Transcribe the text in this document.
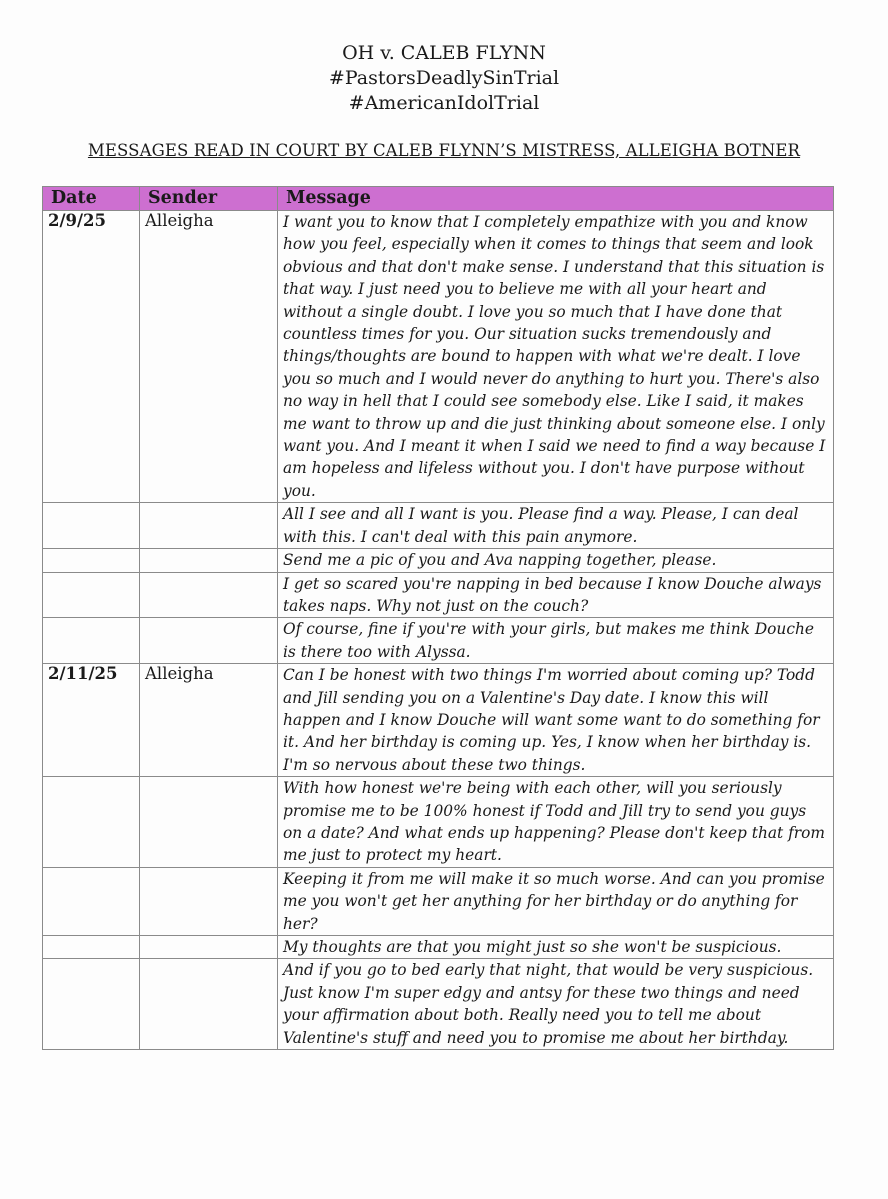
OH v. CALEB FLYNN
#PastorsDeadlySinTrial
#AmericanIdolTrial
MESSAGES READ IN COURT BY CALEB FLYNN’S MISTRESS, ALLEIGHA BOTNER
Date	Sender	Message
2/9/25	Alleigha	I want you to know that I completely empathize with you and know how you feel, especially when it comes to things that seem and look obvious and that don't make sense. I understand that this situation is that way. I just need you to believe me with all your heart and without a single doubt. I love you so much that I have done that countless times for you. Our situation sucks tremendously and things/thoughts are bound to happen with what we're dealt. I love you so much and I would never do anything to hurt you. There's also no way in hell that I could see somebody else. Like I said, it makes me want to throw up and die just thinking about someone else. I only want you. And I meant it when I said we need to find a way because I am hopeless and lifeless without you. I don't have purpose without you.
		All I see and all I want is you. Please find a way. Please, I can deal with this. I can't deal with this pain anymore.
		Send me a pic of you and Ava napping together, please.
		I get so scared you're napping in bed because I know Douche always takes naps. Why not just on the couch?
		Of course, fine if you're with your girls, but makes me think Douche is there too with Alyssa.
2/11/25	Alleigha	Can I be honest with two things I'm worried about coming up? Todd and Jill sending you on a Valentine's Day date. I know this will happen and I know Douche will want some want to do something for it. And her birthday is coming up. Yes, I know when her birthday is. I'm so nervous about these two things.
		With how honest we're being with each other, will you seriously promise me to be 100% honest if Todd and Jill try to send you guys on a date? And what ends up happening? Please don't keep that from me just to protect my heart.
		Keeping it from me will make it so much worse. And can you promise me you won't get her anything for her birthday or do anything for her?
		My thoughts are that you might just so she won't be suspicious.
		And if you go to bed early that night, that would be very suspicious. Just know I'm super edgy and antsy for these two things and need your affirmation about both. Really need you to tell me about Valentine's stuff and need you to promise me about her birthday.
